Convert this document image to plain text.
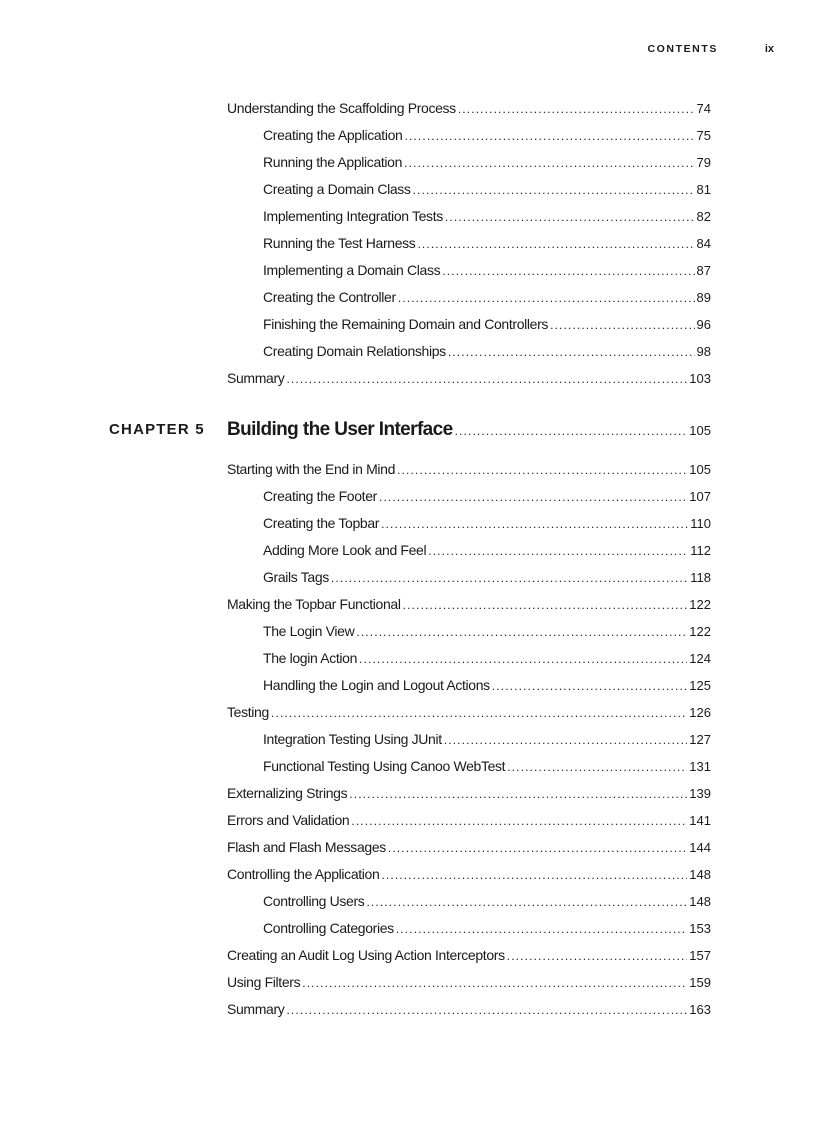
CONTENTS	ix
Understanding the Scaffolding Process . . .	74
Creating the Application . . .	75
Running the Application . . .	79
Creating a Domain Class . . .	81
Implementing Integration Tests . . .	82
Running the Test Harness . . .	84
Implementing a Domain Class . . .	87
Creating the Controller . . .	89
Finishing the Remaining Domain and Controllers . . .	96
Creating Domain Relationships . . .	98
Summary . . .	103
CHAPTER 5 Building the User Interface . . .	105
Starting with the End in Mind . . .	105
Creating the Footer . . .	107
Creating the Topbar . . .	110
Adding More Look and Feel . . .	112
Grails Tags . . .	118
Making the Topbar Functional . . .	122
The Login View . . .	122
The login Action . . .	124
Handling the Login and Logout Actions . . .	125
Testing . . .	126
Integration Testing Using JUnit . . .	127
Functional Testing Using Canoo WebTest . . .	131
Externalizing Strings . . .	139
Errors and Validation . . .	141
Flash and Flash Messages . . .	144
Controlling the Application . . .	148
Controlling Users . . .	148
Controlling Categories . . .	153
Creating an Audit Log Using Action Interceptors . . .	157
Using Filters . . .	159
Summary . . .	163
